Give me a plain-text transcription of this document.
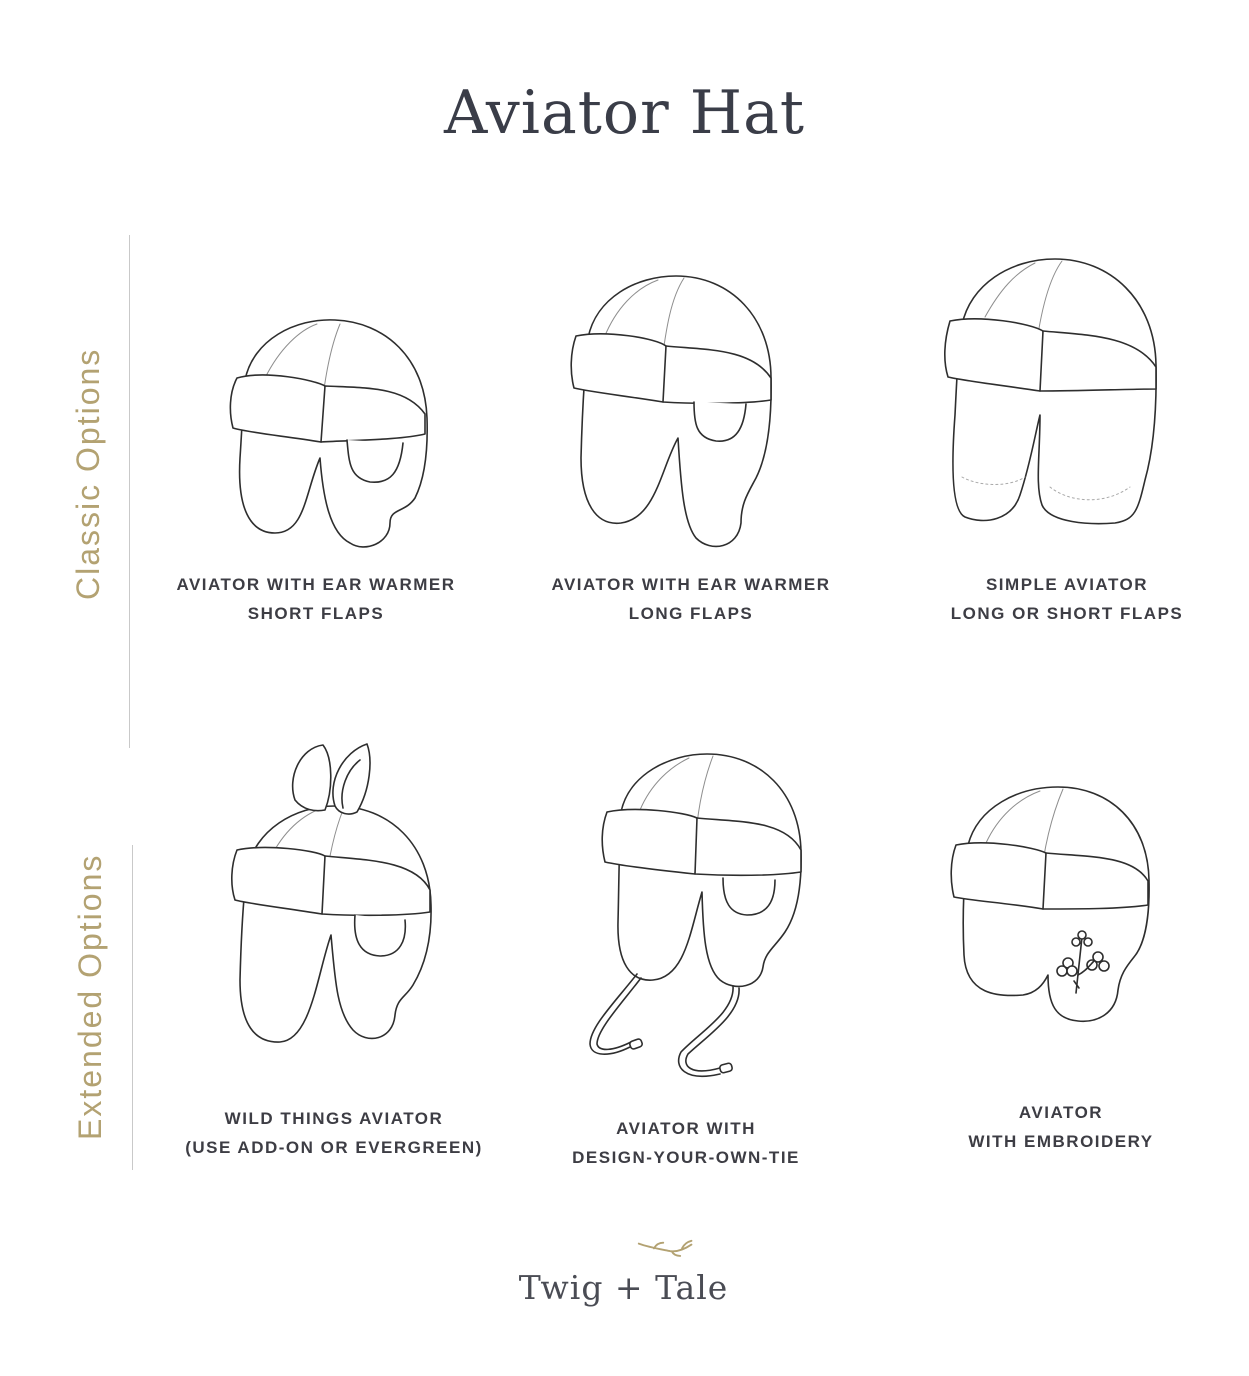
Aviator Hat
Classic Options
Extended Options
AVIATOR WITH EAR WARMER
SHORT FLAPS
AVIATOR WITH EAR WARMER
LONG FLAPS
SIMPLE AVIATOR
LONG OR SHORT FLAPS
WILD THINGS AVIATOR
(USE ADD-ON OR EVERGREEN)
AVIATOR WITH
DESIGN-YOUR-OWN-TIE
AVIATOR
WITH EMBROIDERY
Twig + Tale
